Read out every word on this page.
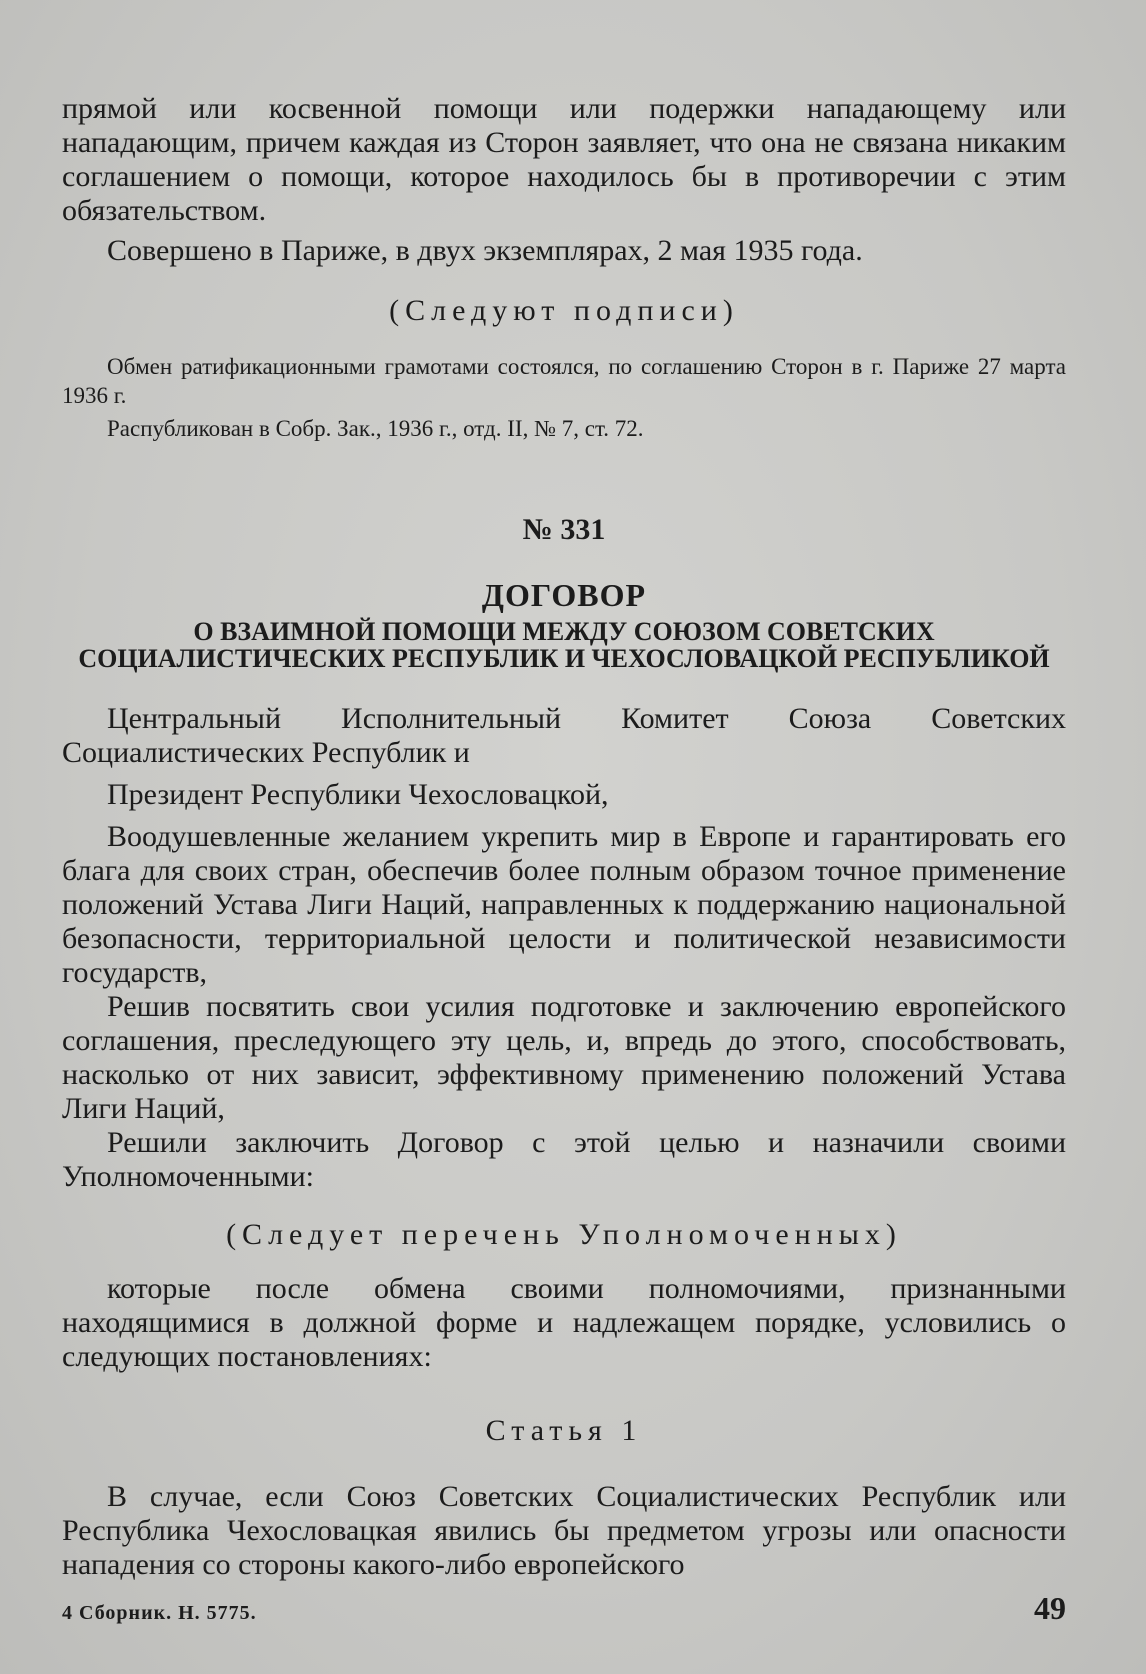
прямой или косвенной помощи или подержки нападающему или нападающим, причем каждая из Сторон заявляет, что она не связана никаким соглашением о помощи, которое находилось бы в противоречии с этим обязательством.

Совершено в Париже, в двух экземплярах, 2 мая 1935 года.

(Следуют подписи)

Обмен ратификационными грамотами состоялся, по соглашению Сторон в г. Париже 27 марта 1936 г.

Распубликован в Собр. Зак., 1936 г., отд. II, № 7, ст. 72.

№ 331

ДОГОВОР

О ВЗАИМНОЙ ПОМОЩИ МЕЖДУ СОЮЗОМ СОВЕТСКИХ СОЦИАЛИСТИЧЕСКИХ РЕСПУБЛИК И ЧЕХОСЛОВАЦКОЙ РЕСПУБЛИКОЙ

Центральный Исполнительный Комитет Союза Советских Социалистических Республик и

Президент Республики Чехословацкой,

Воодушевленные желанием укрепить мир в Европе и гарантировать его блага для своих стран, обеспечив более полным образом точное применение положений Устава Лиги Наций, направленных к поддержанию национальной безопасности, территориальной целости и политической независимости государств,

Решив посвятить свои усилия подготовке и заключению европейского соглашения, преследующего эту цель, и, впредь до этого, способствовать, насколько от них зависит, эффективному применению положений Устава Лиги Наций,

Решили заключить Договор с этой целью и назначили своими Уполномоченными:

(Следует перечень Уполномоченных)

которые после обмена своими полномочиями, признанными находящимися в должной форме и надлежащем порядке, условились о следующих постановлениях:

Статья 1

В случае, если Союз Советских Социалистических Республик или Республика Чехословацкая явились бы предметом угрозы или опасности нападения со стороны какого-либо европейского

4 Сборник. Н. 5775.	49
